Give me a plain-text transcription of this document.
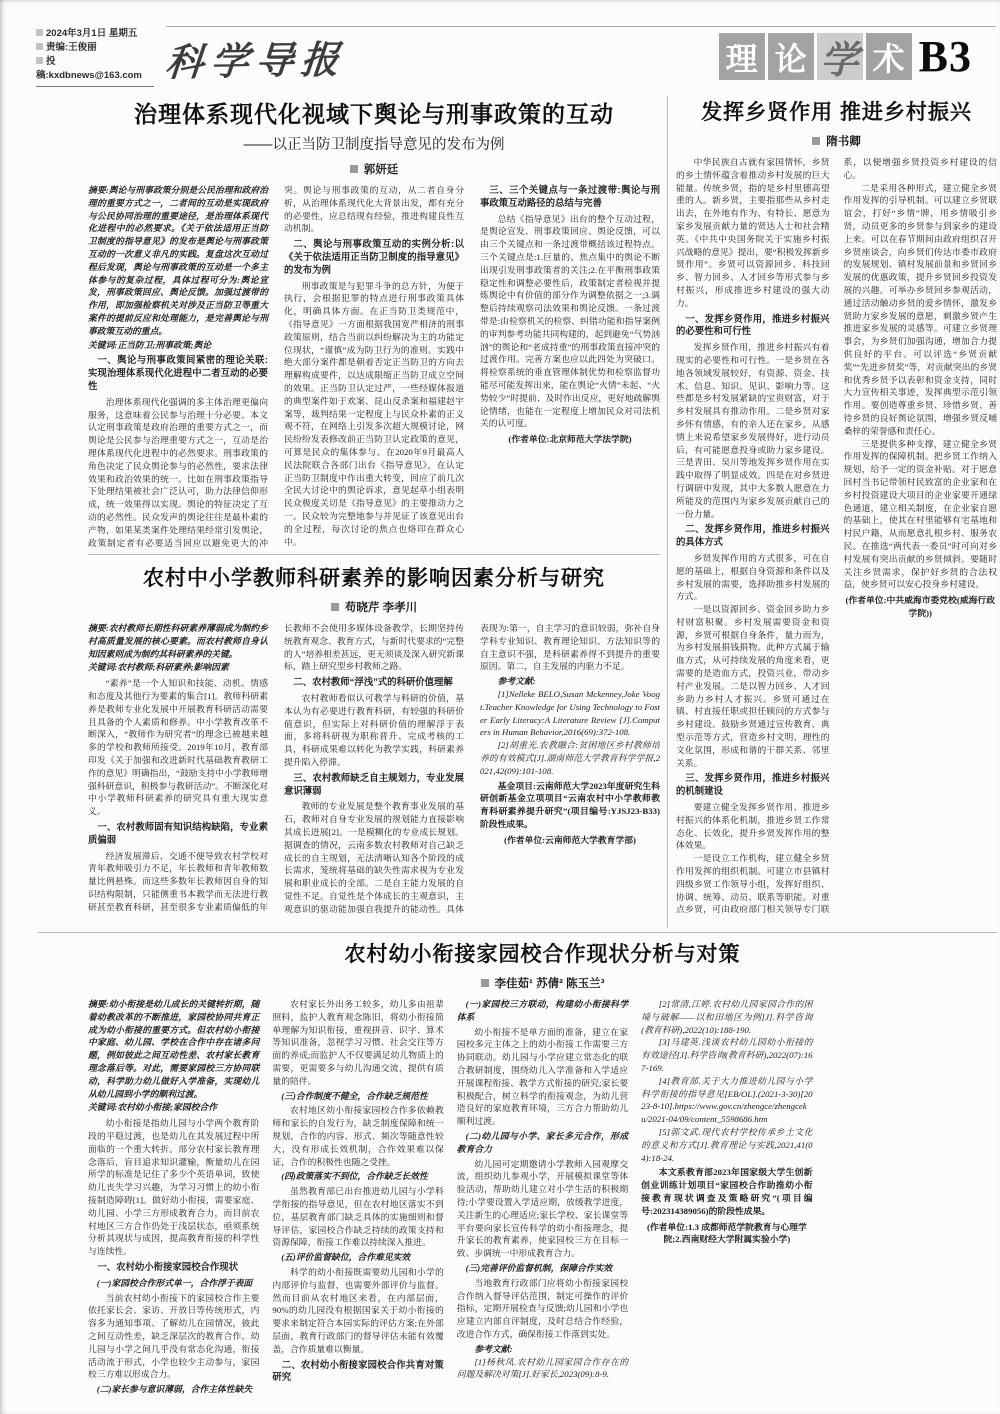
2024年3月1日 星期五
责编:王俊丽
投稿:kxdbnews@163.com 科学导报	理 论 学 术 B3
治理体系现代化视域下舆论与刑事政策的互动
——以正当防卫制度指导意见的发布为例
郭妍廷

摘要:舆论与刑事政策分别是公民治理和政府治理的重要方式之一，二者间的互动是实现政府与公民协同治理的重要途径，是治理体系现代化进程中的必然要求。《关于依法适用正当防卫制度的指导意见》的发布是舆论与刑事政策互动的一次意义非凡的实践。复盘这次互动过程后发现，舆论与刑事政策的互动是一个多主体参与的复杂过程，具体过程可分为:舆论宣发，刑事政策回应、舆论反馈。加强过渡带的作用，即加强检察机关对涉及正当防卫等重大案件的提前反应和处理能力，是完善舆论与刑事政策互动的重点。

关键词:正当防卫;刑事政策;舆论

一、舆论与刑事政策间紧密的理论关联:实现治理体系现代化进程中二者互动的必要性

治理体系现代化强调的多主体治理更偏向服务，这意味着公民参与治理十分必要。本文认定刑事政策是政府治理的重要方式之一，而舆论是公民参与治理重要方式之一，互动是治理体系现代化进程中的必然要求。刑事政策的角色决定了民众舆论参与的必然性，要求法律效果和政治效果的统一。比如在刑事政策指导下处理结果被社会广泛认可，助力法律信仰形成，统一效果得以实现。舆论的特征决定了互动的必然性。民众发声的舆论往往是最朴素的产物，如果某类案件处理结果经常引发舆论，政策制定者有必要适当回应以避免更大的冲突。舆论与刑事政策的互动，从二者自身分析，从治理体系现代化大背景出发，都有充分的必要性，应总结现有经验，推进构建良性互动机制。

二、舆论与刑事政策互动的实例分析:以《关于依法适用正当防卫制度的指导意见》的发布为例

刑事政策是与犯罪斗争的总方针，为便于执行，会根据犯罪的特点进行刑事政策具体化，明确具体方面。在正当防卫类规范中，《指导意见》一方面根据我国宽严相济的刑事政策原则，结合当前以纠纷解决为主的功能定位现状，“谨慎”成为防卫行为的准则。实践中绝大部分案件都是朝着否定正当防卫的方向去理解构成要件，以达成限缩正当防卫成立空间的效果。正当防卫认定过严，一些经媒体报道的典型案件如于欢案、昆山反杀案和福建赵宇案等，裁判结果一定程度上与民众朴素的正义观不符，在网络上引发多次超大规模讨论，网民纷纷发表修改前正当防卫认定政策的意见，可算是民众的集体参与。在2020年9月最高人民法院联合各部门出台《指导意见》，在认定正当防卫制度中作出重大转变，回应了前几次全民大讨论中的舆论诉求，意见起草小组表明民众极度关切是《指导意见》的主要推动力之一。民众较为完整地参与并见证了该意见出台的全过程，每次讨论的焦点也烙印在群众心中。

三、三个关键点与一条过渡带:舆论与刑事政策互动路径的总结与完善

总结《指导意见》出台的整个互动过程，是舆论宣发、刑事政策回应、舆论反馈，可以由三个关键点和一条过渡带概括该过程特点。三个关键点是:1.巨量的、焦点集中的舆论不断出现引发刑事政策者的关注;2.在平衡刑事政策稳定性和调整必要性后，政策制定者检视并提炼舆论中有价值的部分作为调整依据之一;3.调整后持续观察司法效果和舆论反馈。一条过渡带是:由检察机关的检察、纠错功能和指导案例的审判参考功能共同构建的，起到避免“气势汹汹”的舆论和“老成持重”的刑事政策直接冲突的过渡作用。完善方案也应以此四处为突破口。将检察系统的垂直管理体制优势和检察监督功能尽可能发挥出来，能在舆论“火情”未起、“火势较少”时提前、及时作出反应，更好地疏解舆论情绪，也能在一定程度上增加民众对司法机关的认可度。

(作者单位:北京师范大学法学院)

发挥乡贤作用 推进乡村振兴
隋书卿

中华民族自古就有家国情怀，乡贤的乡土情怀蕴含着推动乡村发展的巨大能量。传统乡贤，指的是乡村里德高望重的人。新乡贤，主要指那些从乡村走出去，在外地有作为、有特长、愿意为家乡发展贡献力量的贤达人士和社会精英。《中共中央国务院关于实施乡村振兴战略的意见》提出，要“积极发挥新乡贤作用”。乡贤可以资源回乡、科技回乡、智力回乡、人才回乡等形式参与乡村振兴，形成推进乡村建设的强大动力。

一、发挥乡贤作用，推进乡村振兴的必要性和可行性

发挥乡贤作用，推进乡村振兴有着现实的必要性和可行性。一是乡贤在各地各领域发展较好，有资源、资金、技术、信息、知识、见识、影响力等。这些都是乡村发展紧缺的宝贵财富，对于乡村发展具有推动作用。二是乡贤对家乡怀有情感，有的亲人还在家乡，从感情上来说希望家乡发展得好，进行动员后，有可能愿意投身或助力家乡建设。三是青田、吴川等地发挥乡贤作用在实践中取得了明显成效。四是在对乡贤进行调研中发现，其中大多数人愿意在力所能及的范围内为家乡发展贡献自己的一份力量。

二、发挥乡贤作用，推进乡村振兴的具体方式

乡贤发挥作用的方式很多，可在自愿的基础上，根据自身资源和条件以及乡村发展的需要，选择助推乡村发展的方式。

一是以资源回乡、资金回乡助力乡村财富积聚。乡村发展需要资金和资源，乡贤可根据自身条件，量力而为，为乡村发展捐钱捐物。此种方式属于输血方式，从可持续发展的角度来看，更需要的是造血方式，投资兴业，带动乡村产业发展。二是以智力回乡、人才回乡助力乡村人才振兴。乡贤可通过在镇、村直接任职或担任顾问的方式参与乡村建设。鼓励乡贤通过宣传教育、典型示范等方式，营造乡村文明、理性的文化氛围，形成和谐的干群关系、邻里关系。

三、发挥乡贤作用，推进乡村振兴的机制建设

要建立健全发挥乡贤作用、推进乡村振兴的体系化机制，推进乡贤工作常态化、长效化，提升乡贤发挥作用的整体效果。

一是设立工作机构，建立健全乡贤作用发挥的组织机制。可建立市县镇村四级乡贤工作领导小组，发挥好组织、协调、统筹、动员、联系等职能。对重点乡贤，可由政府部门相关领导专门联系，以便增强乡贤投资乡村建设的信心。

二是采用各种形式，建立健全乡贤作用发挥的引导机制。可以建立乡贤联谊会，打好“乡情”牌，用乡情吸引乡贤，动员更多的乡贤参与到家乡的建设上来。可以在春节期间由政府组织召开乡贤座谈会，向乡贤们传达市委市政府的发展规划、镇村发展前景和乡贤回乡发展的优惠政策，提升乡贤回乡投资发展的兴趣。可举办乡贤回乡参观活动，通过活动触动乡贤的爱乡情怀，激发乡贤助力家乡发展的意愿，刺激乡贤产生推进家乡发展的灵感等。可建立乡贤理事会，为乡贤们加强沟通，增加合力提供良好的平台。可以评选“乡贤贡献奖”“先进乡贤奖”等，对贡献突出的乡贤和优秀乡贤予以表彰和资金支持，同时大力宣传相关事迹，发挥典型示范引领作用。要创造尊重乡贤、珍惜乡贤、善待乡贤的良好舆论氛围，增强乡贤反哺桑梓的荣誉感和责任心。

三是提供多种支撑，建立健全乡贤作用发挥的保障机制。把乡贤工作纳入规划，给予一定的资金补贴。对于愿意回村当书记带领村民致富的企业家和在乡村投资建设大项目的企业家要开通绿色通道，建立相关制度，在企业家自愿的基础上，使其在村里能够有宅基地和村民户籍，从而愿意扎根乡村、服务农民。在推选“两代表一委员”时可向对乡村发展有突出贡献的乡贤倾斜。要随时关注乡贤需求，保护好乡贤的合法权益，使乡贤可以安心投身乡村建设。

(作者单位:中共威海市委党校(威海行政学院))

农村中小学教师科研素养的影响因素分析与研究
苟晓芹 李孝川

摘要:农村教师长期性科研素养薄弱成为制约乡村高质量发展的核心要素。而农村教师自身认知因素则成为制约其科研素养的关键。

关键词:农村教师;科研素养;影响因素

“素养”是一个人知识和技能、动机、情感和态度及其他行为要素的集合[1]。教师科研素养是教师专业化发展中开展教育科研活动需要且具备的个人素质和修养。中小学教育改革不断深入，“教师作为研究者”的理念已被越来越多的学校和教师所接受。2019年10月，教育部印发《关于加强和改进新时代基础教育教研工作的意见》明确指出，“鼓励支持中小学教师增强科研意识，积极参与教研活动”。不断深化对中小学教师科研素养的研究具有重大现实意义。

一、农村教师固有知识结构缺陷，专业素质偏弱

经济发展滞后、交通不便导致农村学校对青年教师吸引力不足，年长教师和青年教师数量比例悬殊。而这些多数年长教师因自身的知识结构限制，只能侧重书本教学而无法进行教研甚至教育科研，甚至很多专业素质偏低的年长教师不会使用多媒体设备教学，长期坚持传统教育观念、教育方式，与新时代要求的“完整的人”培养相差甚远，更无须谈及深入研究新课标，踏上研究型乡村教师之路。

二、农村教师“浮浅”式的科研价值理解

农村教师看似认可教学与科研的价值，基本认为有必要进行教育科研，有较强的科研价值意识，但实际上对科研价值的理解浮于表面，多将科研视为职称晋升、完成考核的工具，科研成果难以转化为教学实践，科研素养提升陷入停滞。

三、农村教师缺乏自主规划力，专业发展意识薄弱

教师的专业发展是整个教育事业发展的基石，教师对自身专业发展的规划能力直接影响其成长进展[2]。一是模糊化的专业成长规划。据调查的情况，云南多数农村教师对自己缺乏成长的自主规划，无法清晰认知各个阶段的成长需求，笼统将基础的缺失性需求视为专业发展和职业成长的全部。二是自主能力发展的自觉性不足。自觉性是个体成长的主观意识，主观意识的驱动能加强自我提升的能动性。具体表现为:第一，自主学习的意识较弱，弥补自身学科专业知识、教育理论知识、方法知识等的自主意识不强，是科研素养得不到提升的重要原因。第二，自主发展的内驱力不足。

参考文献:

[1]Nelleke BELO,Susan Mckenney,Joke Voogt.Teacher Knowledge for Using Technology to Foster Early Literacy:A Literature Review [J].Computers in Human Behavior,2016(69):372-108.

[2]胡重光.农教融合:贫困地区乡村教师培养的有效模式[J].湖南师范大学教育科学学报,2021,42(09):101-108.

基金项目:云南师范大学2023年度研究生科研创新基金立项项目“云南农村中小学教师教育科研素养提升研究”(项目编号:YJSJ23-B33)阶段性成果。

(作者单位:云南师范大学教育学部)

农村幼小衔接家园校合作现状分析与对策
李佳茹¹ 苏倩² 陈玉兰³

摘要:幼小衔接是幼儿成长的关键转折期，随着幼教改革的不断推进，家园校协同共育正成为幼小衔接的重要方式。但农村幼小衔接中家庭、幼儿园、学校在合作中存在诸多问题，例如彼此之间互动性差、农村家长教育理念落后等。对此，需要家园校三方协同联动，科学助力幼儿做好入学准备，实现幼儿从幼儿园到小学的顺利过渡。

关键词:农村幼小衔接;家园校合作

幼小衔接是指幼儿园与小学两个教育阶段的平稳过渡，也是幼儿在其发展过程中所面临的一个重大转折。部分农村家长教育理念落后，盲目追求知识灌输，衡量幼儿在园所学的标准是记住了多少个英语单词，致使幼儿丧失学习兴趣，为学习习惯上的幼小衔接制造障碍[1]。做好幼小衔接，需要家庭、幼儿园、小学三方形成教育合力，而目前农村地区三方合作仍处于浅层状态，亟须系统分析其现状与成因，提高教育衔接的科学性与连续性。

一、农村幼小衔接家园校合作现状

(一)家园校合作形式单一，合作浮于表面

当前农村幼小衔接下的家园校合作主要依托家长会、家访、开放日等传统形式，内容多为通知事项、了解幼儿在园情况，彼此之间互动性差，缺乏深层次的教育合作。幼儿园与小学之间几乎没有常态化沟通，衔接活动流于形式，小学也较少主动参与，家园校三方难以形成合力。

(二)家长参与意识薄弱，合作主体性缺失

农村家长外出务工较多，幼儿多由祖辈照料，监护人教育观念陈旧，将幼小衔接简单理解为知识衔接，重视拼音、识字、算术等知识准备，忽视学习习惯、社会交往等方面的养成;而监护人不仅要满足幼儿物质上的需要，更需要多与幼儿沟通交流，提供有质量的陪伴。

(三)合作制度不健全，合作缺乏规范性

农村地区幼小衔接家园校合作多依赖教师和家长的自发行为，缺乏制度保障和统一规划，合作的内容、形式、频次等随意性较大，没有形成长效机制，合作效果难以保证，合作的积极性也随之受挫。

(四)政策落实不到位，合作缺乏长效性

虽然教育部已出台推进幼儿园与小学科学衔接的指导意见，但在农村地区落实不到位，基层教育部门缺乏具体的实施细则和督导评估，家园校合作缺乏持续的政策支持和资源保障，衔接工作难以持续深入推进。

(五)评价监督缺位，合作难见实效

科学的幼小衔接既需要幼儿园和小学的内部评价与监督，也需要外部评价与监督。然而目前从农村地区来看，在内部层面，90%的幼儿园没有根据国家关于幼小衔接的要求来制定符合本园实际的评估方案;在外部层面，教育行政部门的督导评估未能有效覆盖，合作质量难以衡量。

二、农村幼小衔接家园校合作共育对策研究

(一)家园校三方联动，构建幼小衔接科学体系

幼小衔接不是单方面的准备，建立在家园校多元主体之上的幼小衔接工作需要三方协同联动。幼儿园与小学应建立常态化的联合教研制度，围绕幼儿入学准备和入学适应开展课程衔接、教学方式衔接的研究;家长要积极配合，树立科学的衔接观念，为幼儿营造良好的家庭教育环境，三方合力帮助幼儿顺利过渡。

(二)幼儿园与小学、家长多元合作，形成教育合力

幼儿园可定期邀请小学教师入园观摩交流，组织幼儿参观小学，开展模拟课堂等体验活动，帮助幼儿建立对小学生活的积极期待;小学要设置入学适应期，放缓教学进度，关注新生的心理适应;家长学校、家长课堂等平台要向家长宣传科学的幼小衔接理念，提升家长的教育素养，使家园校三方在目标一致、步调统一中形成教育合力。

(三)完善评价监督机制，保障合作实效

当地教育行政部门应将幼小衔接家园校合作纳入督导评估范围，制定可操作的评价指标，定期开展检查与反馈;幼儿园和小学也应建立内部自评制度，及时总结合作经验，改进合作方式，确保衔接工作落到实处。

参考文献:

[1]杨秋凤.农村幼儿园家园合作存在的问题及解决对策[J].好家长,2023(09):8-9.

[2]常清,江婷.农村幼儿园家园合作的困境与破解——以和田地区为例[J].科学咨询(教育科研),2022(10):188-190.

[3]马建英.浅谈农村幼儿园幼小衔接的有效途径[J].科学咨询(教育科研),2022(07):167-169.

[4]教育部.关于大力推进幼儿园与小学科学衔接的指导意见[EB/OL].(2021-3-30)[2023-8-10].https://www.gov.cn/zhengce/zhengceku/2021-04/09/content_5598686.htm

[5]郭文武.现代农村学校传承乡土文化的意义和方式[J].教育理论与实践,2021,41(04):18-24.

本文系教育部2023年国家级大学生创新创业训练计划项目“家园校合作助推幼小衔接教育现状调查及策略研究”(项目编号:202314389056)的阶段性成果。

(作者单位:1.3 成都师范学院教育与心理学院;2.西南财经大学附属实验小学)
